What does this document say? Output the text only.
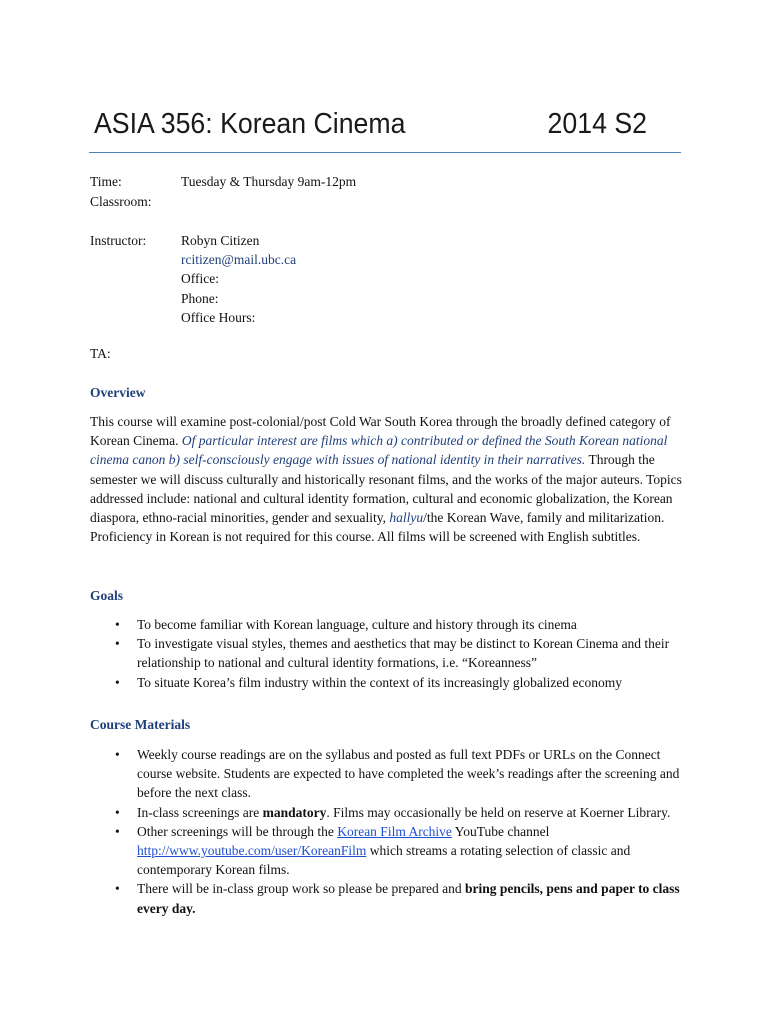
ASIA 356: Korean Cinema	2014 S2
Time:	Tuesday & Thursday 9am-12pm
Classroom:
Instructor:	Robyn Citizen
rcitizen@mail.ubc.ca
Office:
Phone:
Office Hours:
TA:
Overview
This course will examine post-colonial/post Cold War South Korea through the broadly defined category of Korean Cinema. Of particular interest are films which a) contributed or defined the South Korean national cinema canon b) self-consciously engage with issues of national identity in their narratives. Through the semester we will discuss culturally and historically resonant films, and the works of the major auteurs. Topics addressed include: national and cultural identity formation, cultural and economic globalization, the Korean diaspora, ethno-racial minorities, gender and sexuality, hallyu/the Korean Wave, family and militarization. Proficiency in Korean is not required for this course. All films will be screened with English subtitles.
Goals
• To become familiar with Korean language, culture and history through its cinema
• To investigate visual styles, themes and aesthetics that may be distinct to Korean Cinema and their relationship to national and cultural identity formations, i.e. “Koreanness”
• To situate Korea’s film industry within the context of its increasingly globalized economy
Course Materials
• Weekly course readings are on the syllabus and posted as full text PDFs or URLs on the Connect course website. Students are expected to have completed the week’s readings after the screening and before the next class.
• In-class screenings are mandatory. Films may occasionally be held on reserve at Koerner Library.
• Other screenings will be through the Korean Film Archive YouTube channel http://www.youtube.com/user/KoreanFilm which streams a rotating selection of classic and contemporary Korean films.
• There will be in-class group work so please be prepared and bring pencils, pens and paper to class every day.
